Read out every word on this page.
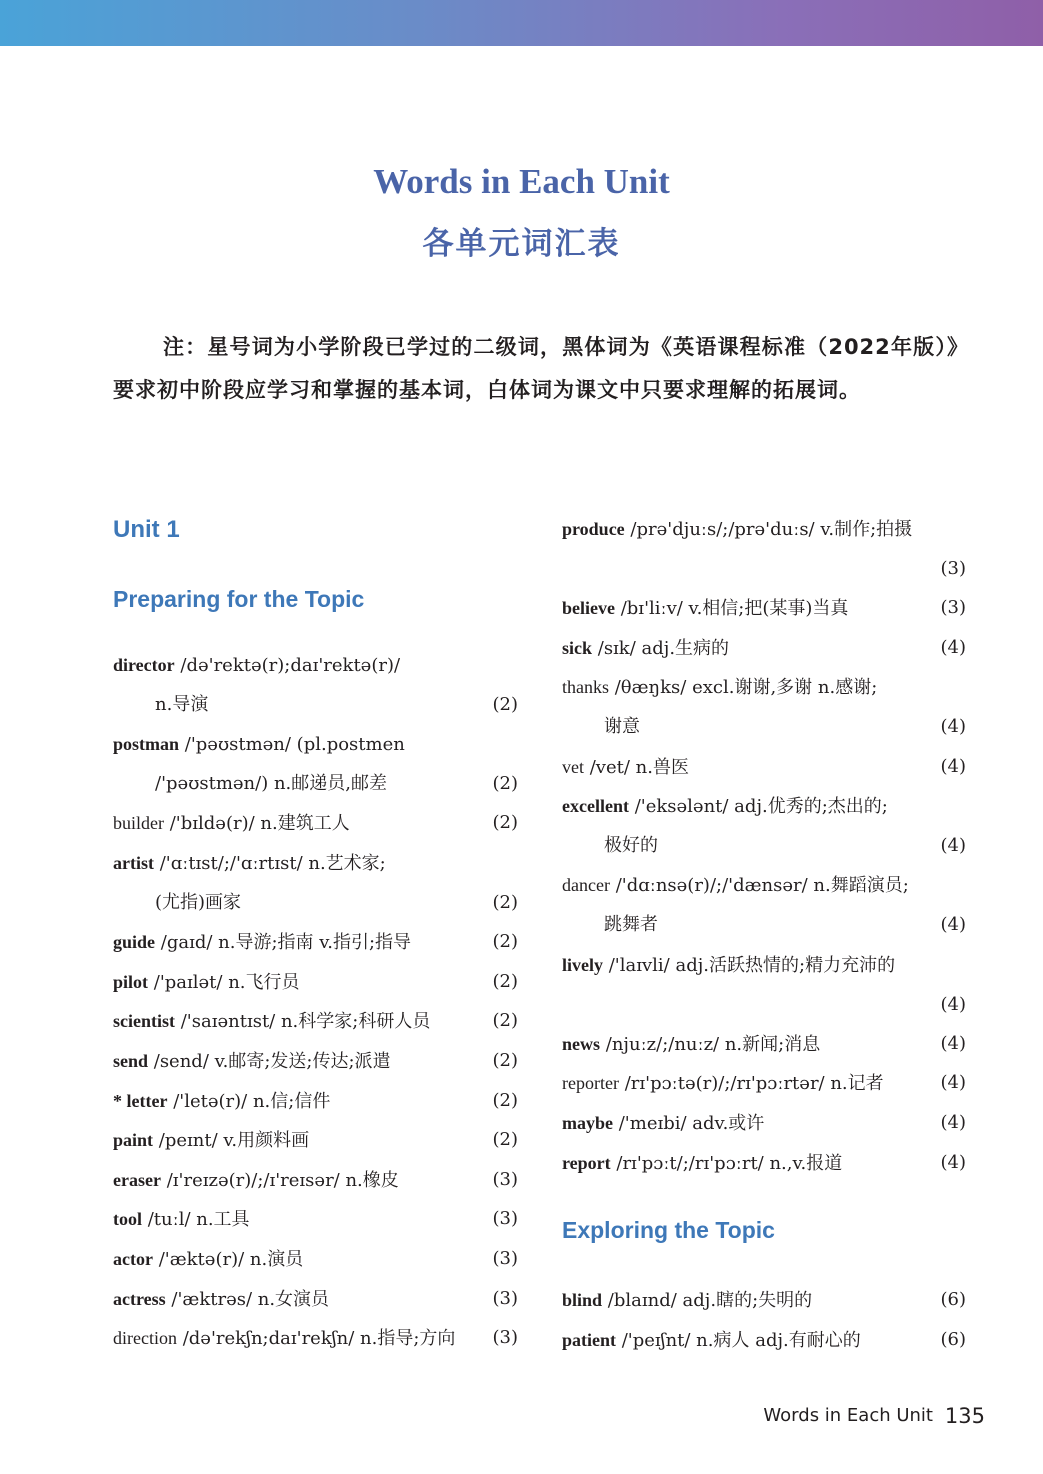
Words in Each Unit
各单元词汇表
注：星号词为小学阶段已学过的二级词，黑体词为《英语课程标准（2022年版）》要求初中阶段应学习和掌握的基本词，白体词为课文中只要求理解的拓展词。
Unit 1
Preparing for the Topic
Exploring the Topic
director /də'rektə(r);daɪ'rektə(r)/
n.导演	(2)
postman /'pəʊstmən/ (pl.postmen
/'pəʊstmən/) n.邮递员,邮差	(2)
builder /'bɪldə(r)/ n.建筑工人	(2)
artist /'ɑːtɪst/;/'ɑːrtɪst/ n.艺术家;
(尤指)画家	(2)
guide /gaɪd/ n.导游;指南 v.指引;指导	(2)
pilot /'paɪlət/ n.飞行员	(2)
scientist /'saɪəntɪst/ n.科学家;科研人员	(2)
send /send/ v.邮寄;发送;传达;派遣	(2)
* letter /'letə(r)/ n.信;信件	(2)
paint /peɪnt/ v.用颜料画	(2)
eraser /ɪ'reɪzə(r)/;/ɪ'reɪsər/ n.橡皮	(3)
tool /tuːl/ n.工具	(3)
actor /'æktə(r)/ n.演员	(3)
actress /'æktrəs/ n.女演员	(3)
direction /də'rekʃn;daɪ'rekʃn/ n.指导;方向 (3)
produce /prə'djuːs/;/prə'duːs/ v.制作;拍摄
(3)
believe /bɪ'liːv/ v.相信;把(某事)当真	(3)
sick /sɪk/ adj.生病的	(4)
thanks /θæŋks/ excl.谢谢,多谢 n.感谢;
谢意	(4)
vet /vet/ n.兽医	(4)
excellent /'eksələnt/ adj.优秀的;杰出的;
极好的	(4)
dancer /'dɑːnsə(r)/;/'dænsər/ n.舞蹈演员;
跳舞者	(4)
lively /'laɪvli/ adj.活跃热情的;精力充沛的
(4)
news /njuːz/;/nuːz/ n.新闻;消息	(4)
reporter /rɪ'pɔːtə(r)/;/rɪ'pɔːrtər/ n.记者	(4)
maybe /'meɪbi/ adv.或许	(4)
report /rɪ'pɔːt/;/rɪ'pɔːrt/ n.,v.报道	(4)
blind /blaɪnd/ adj.瞎的;失明的	(6)
patient /'peɪʃnt/ n.病人 adj.有耐心的	(6)
Words in Each Unit 135
